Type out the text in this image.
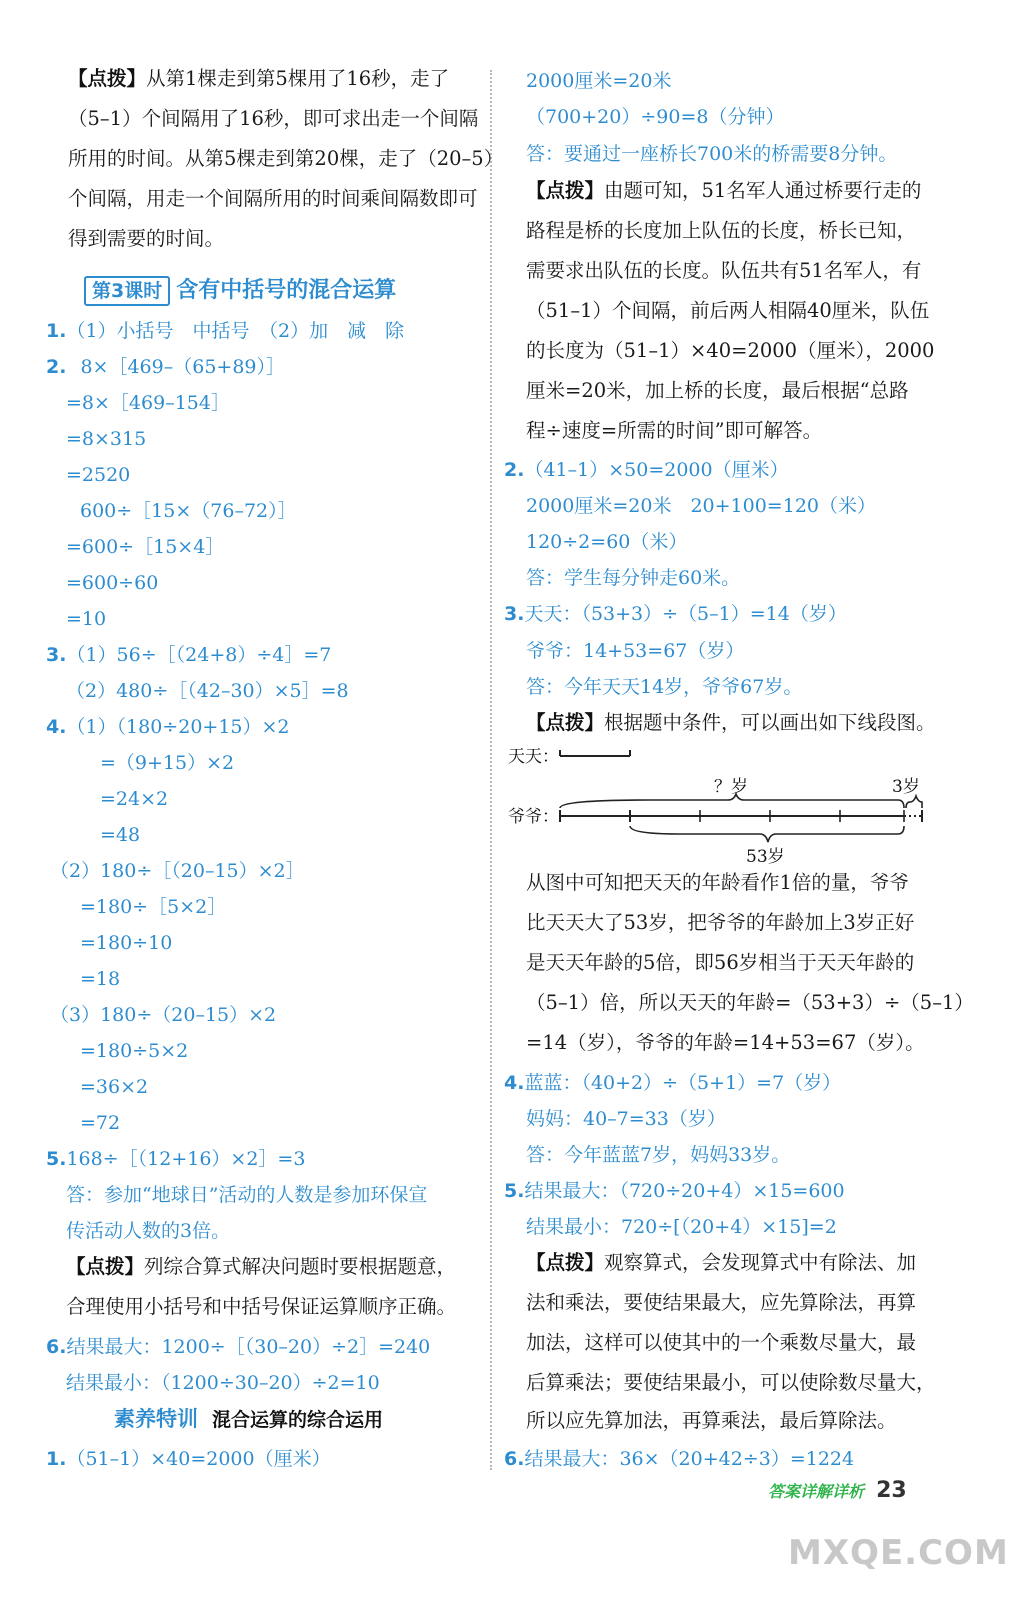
【点拨】从第1棵走到第5棵用了16秒，走了
（5–1）个间隔用了16秒，即可求出走一个间隔
所用的时间。从第5棵走到第20棵，走了（20–5）
个间隔，用走一个间隔所用的时间乘间隔数即可
得到需要的时间。
第3课时 含有中括号的混合运算
1.（1）小括号　中括号　（2）加　减　除
2. 8×［469–（65+89）］
=8×［469–154］
=8×315
=2520
600÷［15×（76–72）］
=600÷［15×4］
=600÷60
=10
3.（1）56÷［（24+8）÷4］=7
（2）480÷［（42–30）×5］=8
4.（1）（180÷20+15）×2
=（9+15）×2
=24×2
=48
（2）180÷［（20–15）×2］
=180÷［5×2］
=180÷10
=18
（3）180÷（20–15）×2
=180÷5×2
=36×2
=72
5.168÷［（12+16）×2］=3
答：参加“地球日”活动的人数是参加环保宣
传活动人数的3倍。
【点拨】列综合算式解决问题时要根据题意，
合理使用小括号和中括号保证运算顺序正确。
6.结果最大：1200÷［（30–20）÷2］=240
结果最小：（1200÷30–20）÷2=10
素养特训 混合运算的综合运用
1.（51–1）×40=2000（厘米）
2000厘米=20米
（700+20）÷90=8（分钟）
答：要通过一座桥长700米的桥需要8分钟。
【点拨】由题可知，51名军人通过桥要行走的
路程是桥的长度加上队伍的长度，桥长已知，
需要求出队伍的长度。队伍共有51名军人，有
（51–1）个间隔，前后两人相隔40厘米，队伍
的长度为（51–1）×40=2000（厘米），2000
厘米=20米，加上桥的长度，最后根据“总路
程÷速度=所需的时间”即可解答。
2.（41–1）×50=2000（厘米）
2000厘米=20米　20+100=120（米）
120÷2=60（米）
答：学生每分钟走60米。
3.天天：（53+3）÷（5–1）=14（岁）
爷爷：14+53=67（岁）
答：今年天天14岁，爷爷67岁。
【点拨】根据题中条件，可以画出如下线段图。
天天：
？岁	3岁
爷爷：
53岁
从图中可知把天天的年龄看作1倍的量，爷爷
比天天大了53岁，把爷爷的年龄加上3岁正好
是天天年龄的5倍，即56岁相当于天天年龄的
（5–1）倍，所以天天的年龄=（53+3）÷（5–1）
=14（岁），爷爷的年龄=14+53=67（岁）。
4.蓝蓝：（40+2）÷（5+1）=7（岁）
妈妈：40–7=33（岁）
答：今年蓝蓝7岁，妈妈33岁。
5.结果最大：（720÷20+4）×15=600
结果最小：720÷[（20+4）×15]=2
【点拨】观察算式，会发现算式中有除法、加
法和乘法，要使结果最大，应先算除法，再算
加法，这样可以使其中的一个乘数尽量大，最
后算乘法；要使结果最小，可以使除数尽量大，
所以应先算加法，再算乘法，最后算除法。
6.结果最大：36×（20+42÷3）=1224
答案详解详析 23
MXQE.COM
